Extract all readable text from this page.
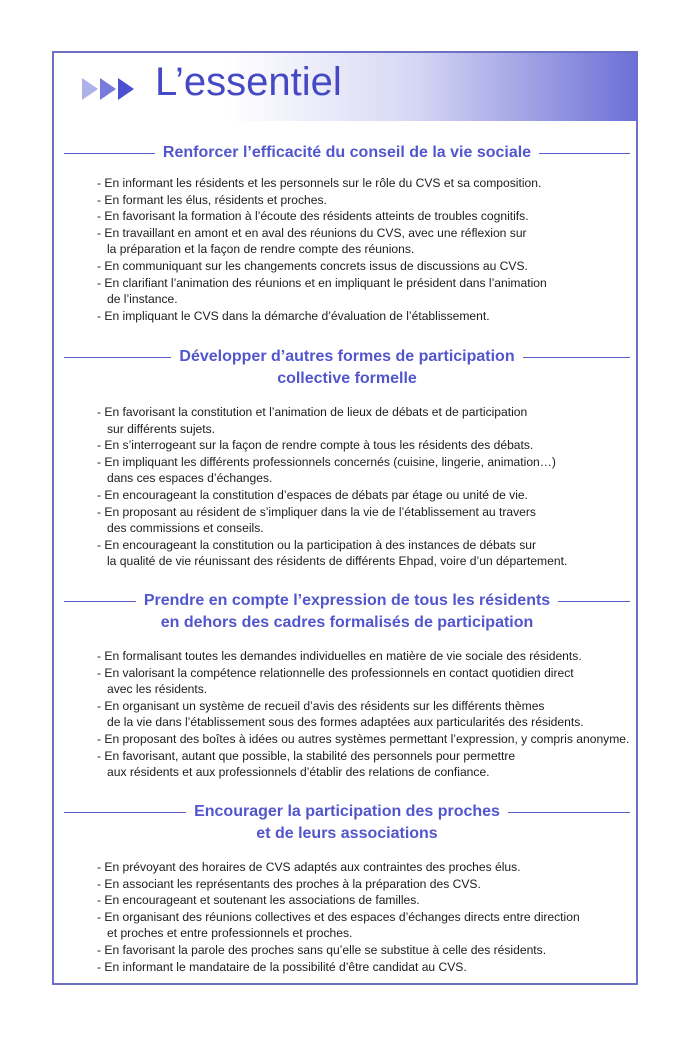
L’essentiel
Renforcer l’efficacité du conseil de la vie sociale
- En informant les résidents et les personnels sur le rôle du CVS et sa composition.
- En formant les élus, résidents et proches.
- En favorisant la formation à l’écoute des résidents atteints de troubles cognitifs.
- En travaillant en amont et en aval des réunions du CVS, avec une réflexion sur
la préparation et la façon de rendre compte des réunions.
- En communiquant sur les changements concrets issus de discussions au CVS.
- En clarifiant l’animation des réunions et en impliquant le président dans l’animation
de l’instance.
- En impliquant le CVS dans la démarche d’évaluation de l’établissement.
Développer d’autres formes de participation
collective formelle
- En favorisant la constitution et l’animation de lieux de débats et de participation
sur différents sujets.
- En s’interrogeant sur la façon de rendre compte à tous les résidents des débats.
- En impliquant les différents professionnels concernés (cuisine, lingerie, animation…)
dans ces espaces d’échanges.
- En encourageant la constitution d’espaces de débats par étage ou unité de vie.
- En proposant au résident de s’impliquer dans la vie de l’établissement au travers
des commissions et conseils.
- En encourageant la constitution ou la participation à des instances de débats sur
la qualité de vie réunissant des résidents de différents Ehpad, voire d’un département.
Prendre en compte l’expression de tous les résidents
en dehors des cadres formalisés de participation
- En formalisant toutes les demandes individuelles en matière de vie sociale des résidents.
- En valorisant la compétence relationnelle des professionnels en contact quotidien direct
avec les résidents.
- En organisant un système de recueil d’avis des résidents sur les différents thèmes
de la vie dans l’établissement sous des formes adaptées aux particularités des résidents.
- En proposant des boîtes à idées ou autres systèmes permettant l’expression, y compris anonyme.
- En favorisant, autant que possible, la stabilité des personnels pour permettre
aux résidents et aux professionnels d’établir des relations de confiance.
Encourager la participation des proches
et de leurs associations
- En prévoyant des horaires de CVS adaptés aux contraintes des proches élus.
- En associant les représentants des proches à la préparation des CVS.
- En encourageant et soutenant les associations de familles.
- En organisant des réunions collectives et des espaces d’échanges directs entre direction
et proches et entre professionnels et proches.
- En favorisant la parole des proches sans qu’elle se substitue à celle des résidents.
- En informant le mandataire de la possibilité d’être candidat au CVS.
